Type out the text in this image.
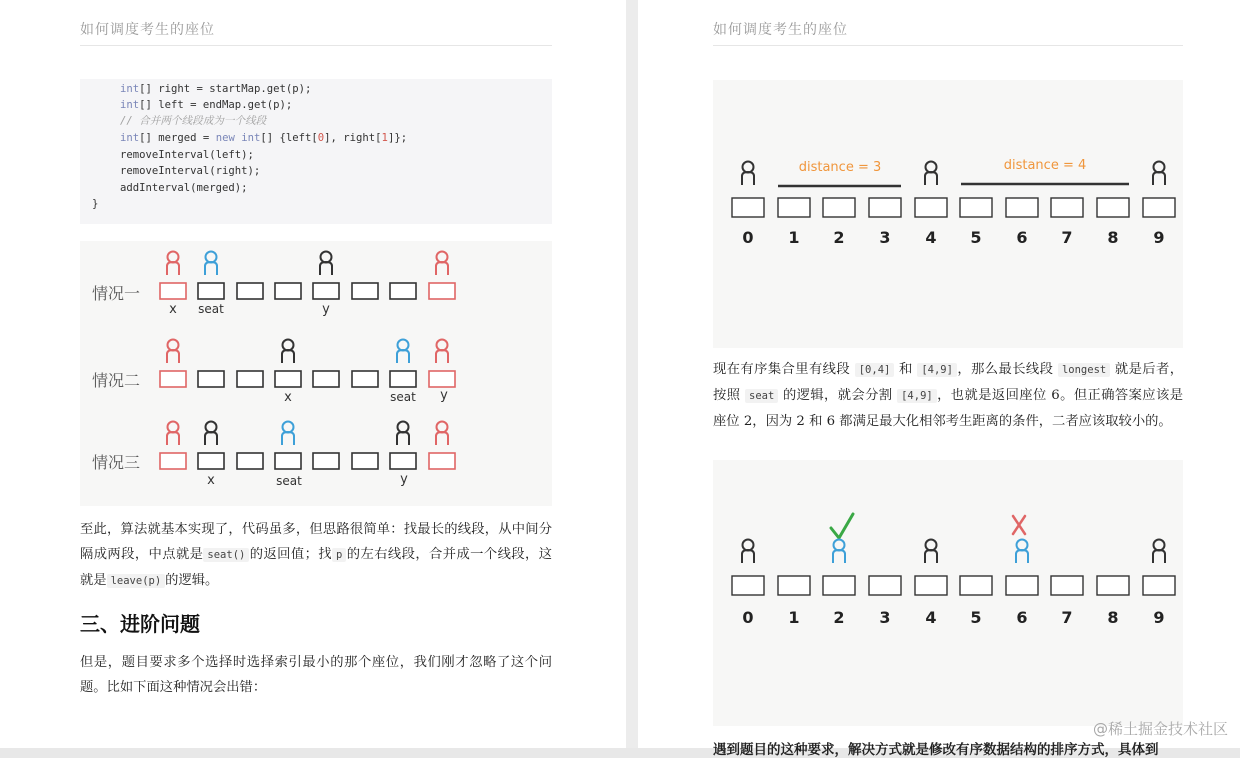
如何调度考生的座位
int[] right = startMap.get(p);
int[] left = endMap.get(p);
// 合并两个线段成为一个线段
int[] merged = new int[] {left[0], right[1]};
removeInterval(left);
removeInterval(right);
addInterval(merged);
}
情况一
情况二
情况三
x seat	y
x	seat y
x	seat	y

至此，算法就基本实现了，代码虽多，但思路很简单：找最长的线段，从中间分隔成两段，中点就是 seat() 的返回值；找 p 的左右线段，合并成一个线段，这就是 leave(p) 的逻辑。

三、进阶问题
但是，题目要求多个选择时选择索引最小的那个座位，我们刚才忽略了这个问题。比如下面这种情况会出错：
如何调度考生的座位
distance = 3	distance = 4
0 1 2 3 4 5 6 7 8 9

现在有序集合里有线段 [0,4] 和 [4,9] ，那么最长线段 longest 就是后者，按照 seat 的逻辑，就会分割 [4,9] ，也就是返回座位 6。但正确答案应该是座位 2，因为 2 和 6 都满足最大化相邻考生距离的条件，二者应该取较小的。

0 1 2 3 4 5 6 7 8 9
遇到题目的这种要求，解决方式就是修改有序数据结构的排序方式，具体到
@稀土掘金技术社区
